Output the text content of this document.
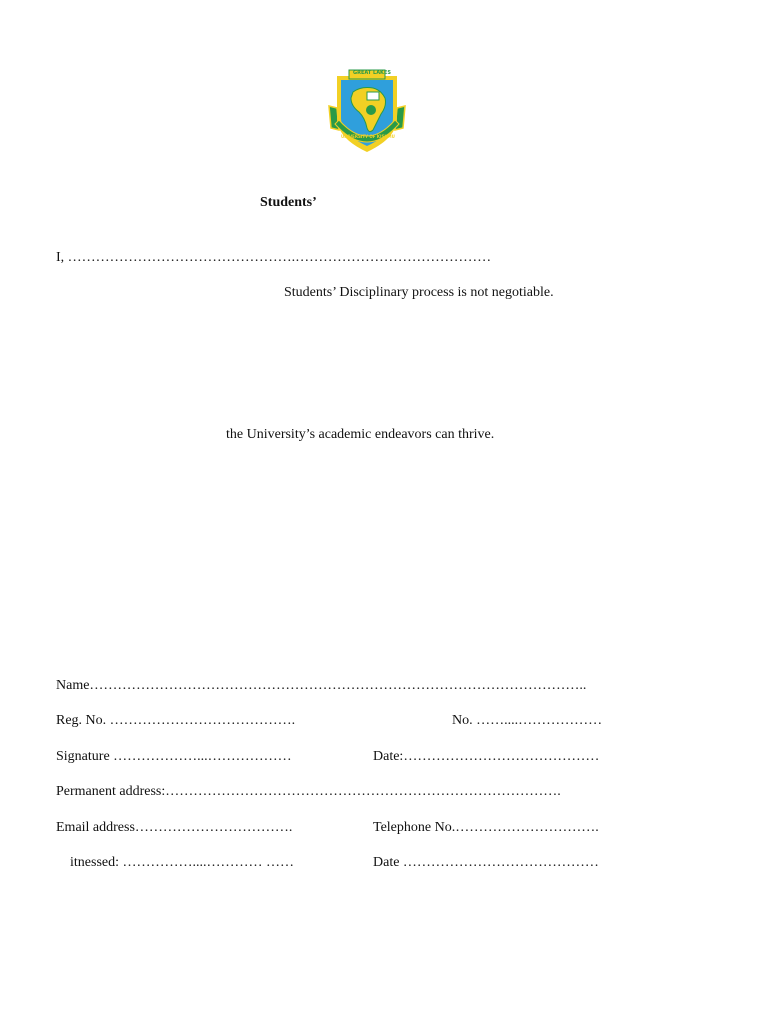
GREAT LAKES
UNIVERSITY OF KISUMU
Students’
I, ………………………………………….……………………………………
Students’ Disciplinary process is not negotiable.
the University’s academic endeavors can thrive.
Name……………………………………………………………………………………………..
Reg. No. ………………………………….	No. ……....………………
Signature ………………...………………	Date:……………………………………
Permanent address:………………………………………………………………………….
Email address…………………………….	Telephone No.………………………….
itnessed: ……………....………… ……	Date ……………………………………
